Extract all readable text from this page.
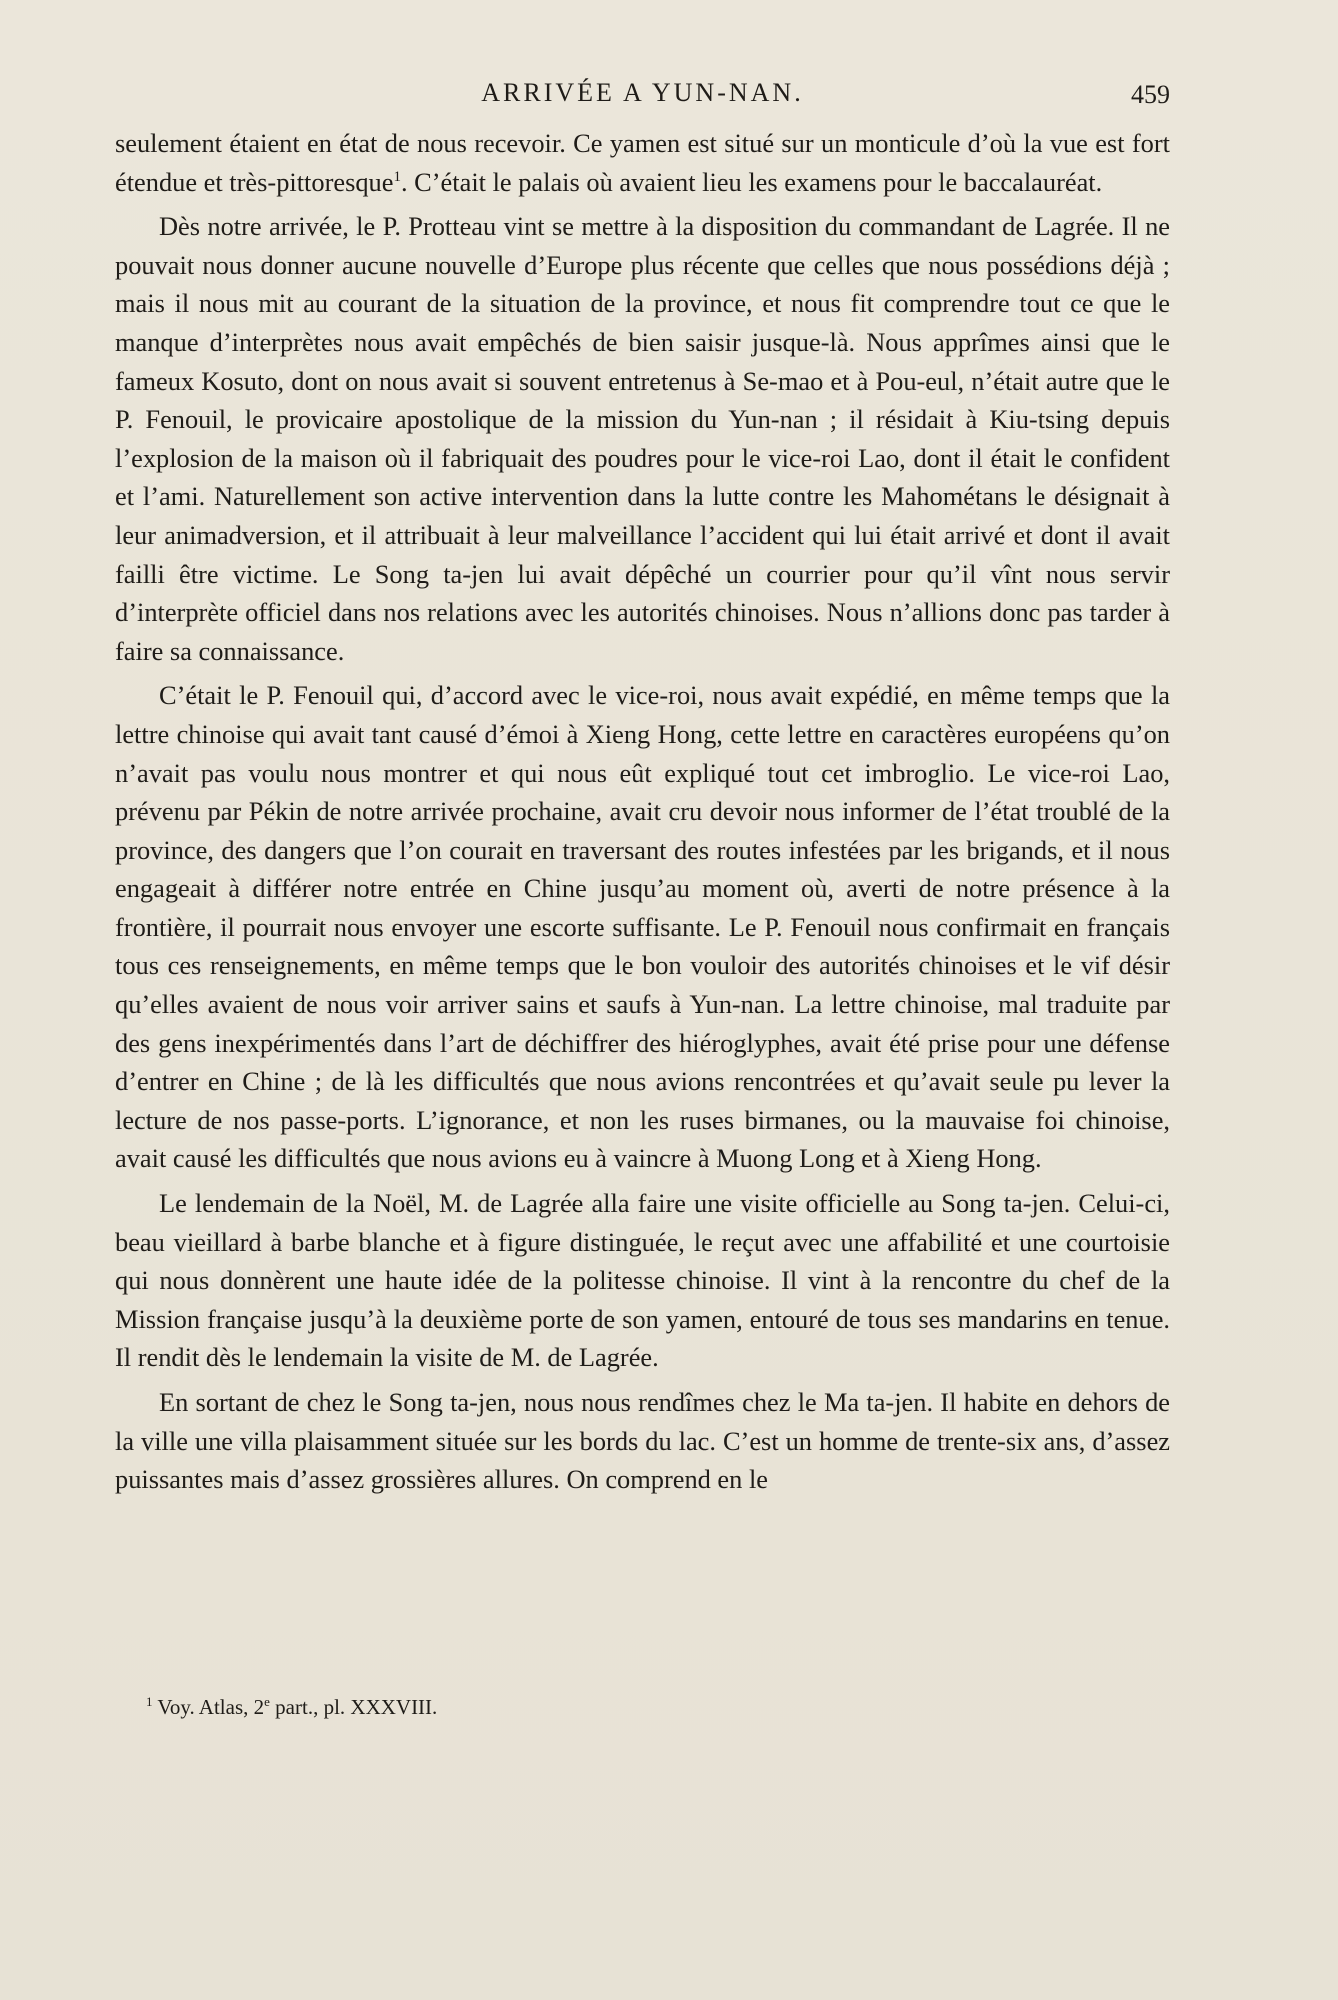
ARRIVÉE A YUN-NAN.	459

seulement étaient en état de nous recevoir. Ce yamen est situé sur un monticule d’où la vue est fort étendue et très-pittoresque$^1$. C’était le palais où avaient lieu les examens pour le baccalauréat.

Dès notre arrivée, le P. Protteau vint se mettre à la disposition du commandant de Lagrée. Il ne pouvait nous donner aucune nouvelle d’Europe plus récente que celles que nous possédions déjà ; mais il nous mit au courant de la situation de la province, et nous fit comprendre tout ce que le manque d’interprètes nous avait empêchés de bien saisir jusque-là. Nous apprîmes ainsi que le fameux Kosuto, dont on nous avait si souvent entretenus à Se-mao et à Pou-eul, n’était autre que le P. Fenouil, le provicaire apostolique de la mission du Yun-nan ; il résidait à Kiu-tsing depuis l’explosion de la maison où il fabriquait des poudres pour le vice-roi Lao, dont il était le confident et l’ami. Naturellement son active intervention dans la lutte contre les Mahométans le désignait à leur animadversion, et il attribuait à leur malveillance l’accident qui lui était arrivé et dont il avait failli être victime. Le Song ta-jen lui avait dépêché un courrier pour qu’il vînt nous servir d’interprète officiel dans nos relations avec les autorités chinoises. Nous n’allions donc pas tarder à faire sa connaissance.

C’était le P. Fenouil qui, d’accord avec le vice-roi, nous avait expédié, en même temps que la lettre chinoise qui avait tant causé d’émoi à Xieng Hong, cette lettre en caractères européens qu’on n’avait pas voulu nous montrer et qui nous eût expliqué tout cet imbroglio. Le vice-roi Lao, prévenu par Pékin de notre arrivée prochaine, avait cru devoir nous informer de l’état troublé de la province, des dangers que l’on courait en traversant des routes infestées par les brigands, et il nous engageait à différer notre entrée en Chine jusqu’au moment où, averti de notre présence à la frontière, il pourrait nous envoyer une escorte suffisante. Le P. Fenouil nous confirmait en français tous ces renseignements, en même temps que le bon vouloir des autorités chinoises et le vif désir qu’elles avaient de nous voir arriver sains et saufs à Yun-nan. La lettre chinoise, mal traduite par des gens inexpérimentés dans l’art de déchiffrer des hiéroglyphes, avait été prise pour une défense d’entrer en Chine ; de là les difficultés que nous avions rencontrées et qu’avait seule pu lever la lecture de nos passe-ports. L’ignorance, et non les ruses birmanes, ou la mauvaise foi chinoise, avait causé les difficultés que nous avions eu à vaincre à Muong Long et à Xieng Hong.

Le lendemain de la Noël, M. de Lagrée alla faire une visite officielle au Song ta-jen. Celui-ci, beau vieillard à barbe blanche et à figure distinguée, le reçut avec une affabilité et une courtoisie qui nous donnèrent une haute idée de la politesse chinoise. Il vint à la rencontre du chef de la Mission française jusqu’à la deuxième porte de son yamen, entouré de tous ses mandarins en tenue. Il rendit dès le lendemain la visite de M. de Lagrée.

En sortant de chez le Song ta-jen, nous nous rendîmes chez le Ma ta-jen. Il habite en dehors de la ville une villa plaisamment située sur les bords du lac. C’est un homme de trente-six ans, d’assez puissantes mais d’assez grossières allures. On comprend en le

$^1$ Voy. Atlas, 2e part., pl. XXXVIII.
